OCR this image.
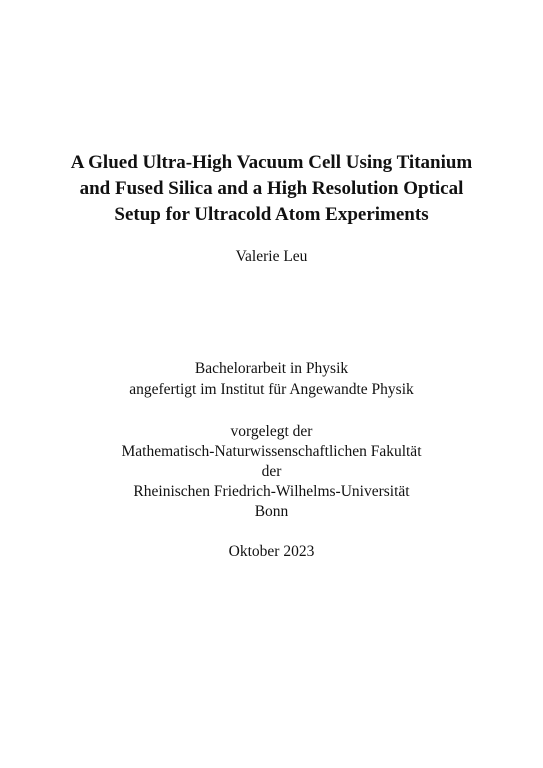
A Glued Ultra-High Vacuum Cell Using Titanium
and Fused Silica and a High Resolution Optical
Setup for Ultracold Atom Experiments

Valerie Leu

Bachelorarbeit in Physik

angefertigt im Institut für Angewandte Physik

vorgelegt der

Mathematisch-Naturwissenschaftlichen Fakultät

der

Rheinischen Friedrich-Wilhelms-Universität

Bonn

Oktober 2023
